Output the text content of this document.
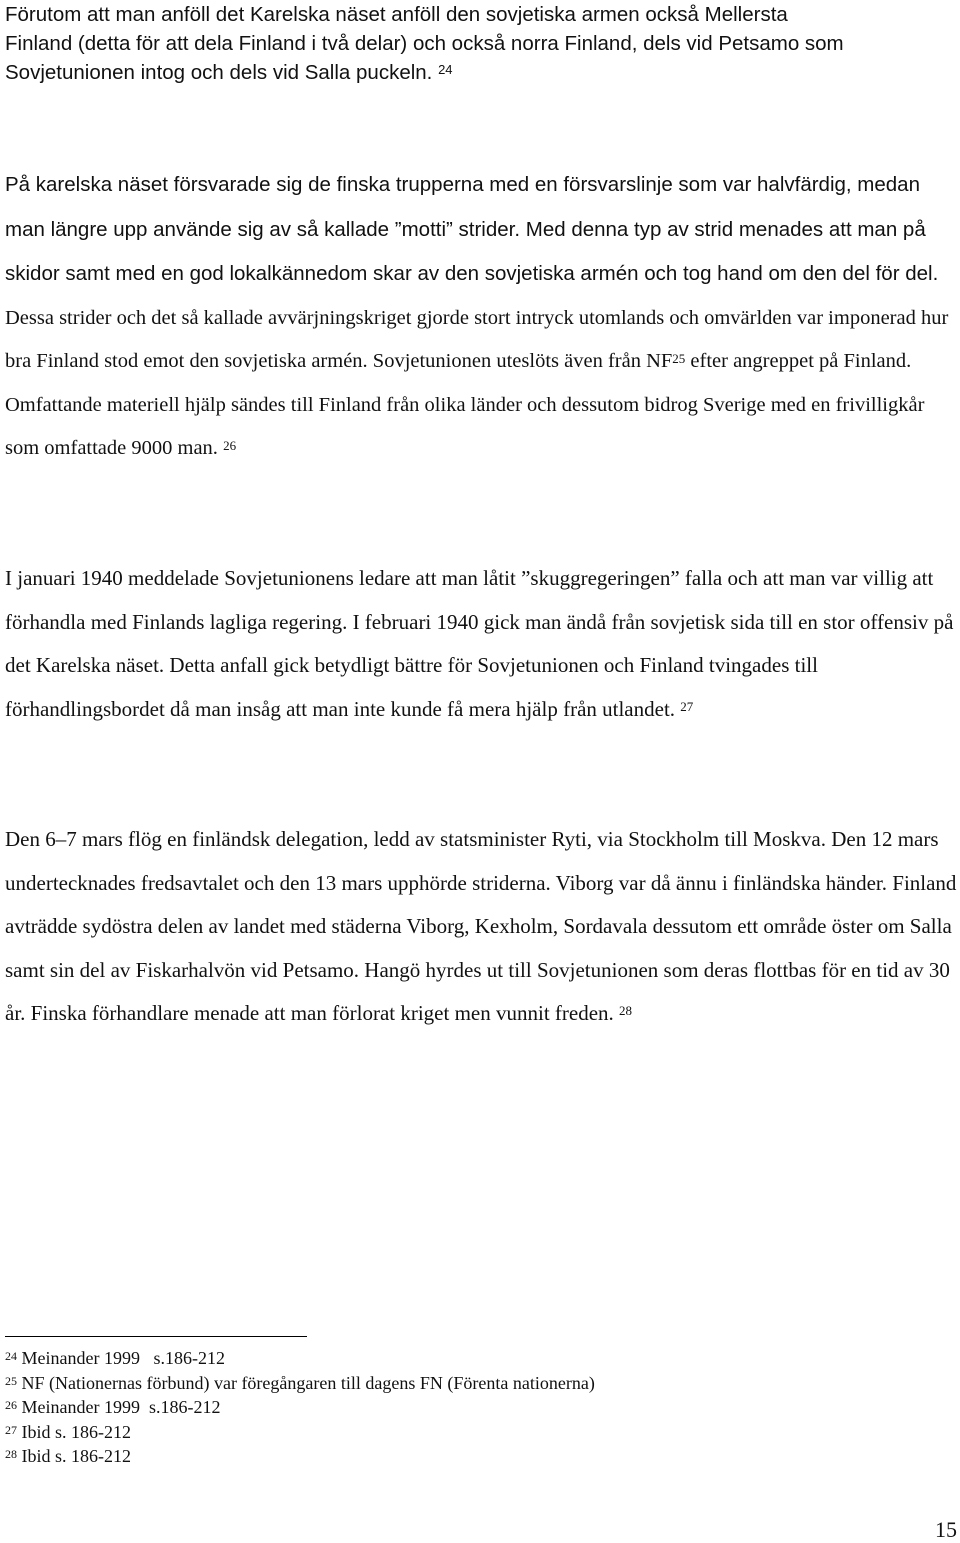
Förutom att man anföll det Karelska näset anföll den sovjetiska armen också Mellersta
Finland (detta för att dela Finland i två delar) och också norra Finland, dels vid Petsamo som
Sovjetunionen intog och dels vid Salla puckeln. $^{24}$

På karelska näset försvarade sig de finska trupperna med en försvarslinje som var halvfärdig, medan man längre upp använde sig av så kallade ”motti” strider. Med denna typ av strid menades att man på skidor samt med en god lokalkännedom skar av den sovjetiska armén och tog hand om den del för del. Dessa strider och det så kallade avvärjningskriget gjorde stort intryck utomlands och omvärlden var imponerad hur bra Finland stod emot den sovjetiska armén. Sovjetunionen uteslöts även från NF$^{25}$ efter angreppet på Finland. Omfattande materiell hjälp sändes till Finland från olika länder och dessutom bidrog Sverige med en frivilligkår som omfattade 9000 man. $^{26}$

I januari 1940 meddelade Sovjetunionens ledare att man låtit ”skuggregeringen” falla och att man var villig att förhandla med Finlands lagliga regering. I februari 1940 gick man ändå från sovjetisk sida till en stor offensiv på det Karelska näset. Detta anfall gick betydligt bättre för Sovjetunionen och Finland tvingades till förhandlingsbordet då man insåg att man inte kunde få mera hjälp från utlandet. $^{27}$

Den 6–7 mars flög en finländsk delegation, ledd av statsminister Ryti, via Stockholm till Moskva. Den 12 mars undertecknades fredsavtalet och den 13 mars upphörde striderna. Viborg var då ännu i finländska händer. Finland avträdde sydöstra delen av landet med städerna Viborg, Kexholm, Sordavala dessutom ett område öster om Salla samt sin del av Fiskarhalvön vid Petsamo. Hangö hyrdes ut till Sovjetunionen som deras flottbas för en tid av 30 år. Finska förhandlare menade att man förlorat kriget men vunnit freden. $^{28}$

$^{24}$ Meinander 1999   s.186-212
$^{25}$ NF (Nationernas förbund) var föregångaren till dagens FN (Förenta nationerna)
$^{26}$ Meinander 1999  s.186-212
$^{27}$ Ibid s. 186-212
$^{28}$ Ibid s. 186-212
15
